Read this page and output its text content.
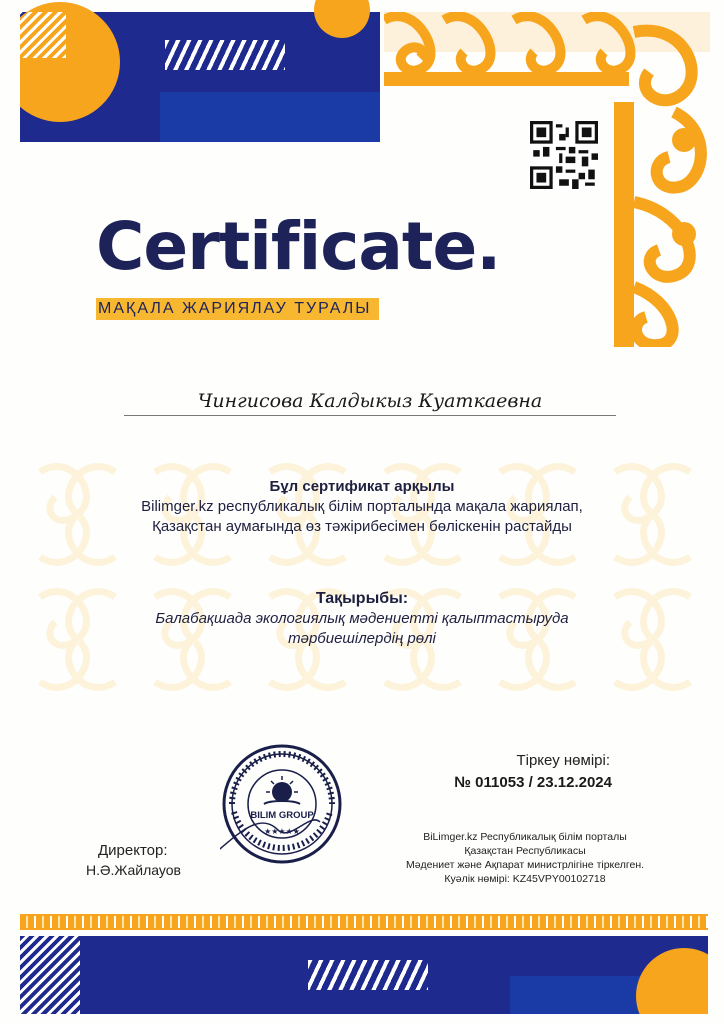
Certificate.
МАҚАЛА ЖАРИЯЛАУ ТУРАЛЫ
Чингисова Калдыкыз Куаткаевна
Бұл сертификат арқылы
Bilimger.kz республикалық білім порталында мақала жариялап, Қазақстан аумағында өз тәжірибесімен бөлiскенiн растайды
Тақырыбы:
Балабақшада экологиялық мәдениетті қалыптастыруда тәрбиешілердің рөлі
Тіркеу нөмірі:
№ 011053 / 23.12.2024
BILIM GROUP
★★★★★
Директор:
Н.Ә.Жайлауов
BiLimger.kz Республикалық білім порталы
Қазақстан Республикасы
Мәдениет және Ақпарат министрлігіне тіркелген.
Куәлік нөмірі: KZ45VPY00102718
